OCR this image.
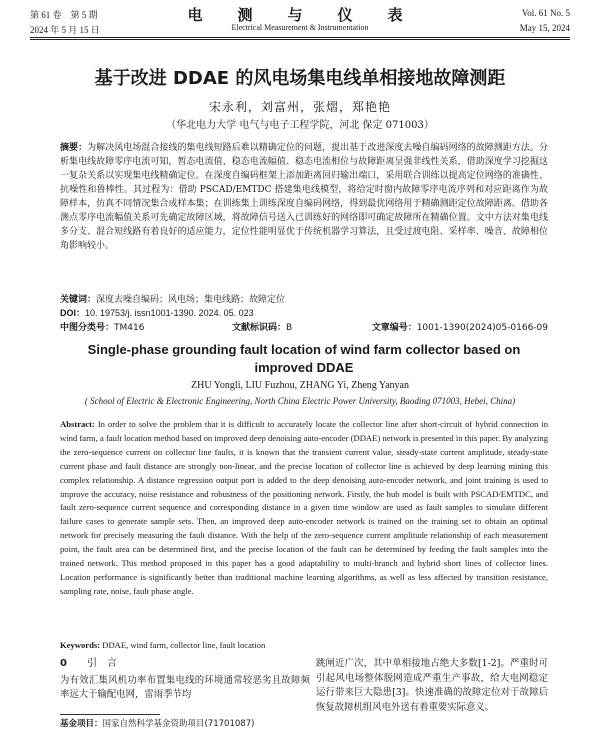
第 61 卷　第 5 期	电　测　与　仪　表	Vol. 61 No. 5
2024 年 5 月 15 日	Electrical Measurement & Instrumentation	May 15, 2024
基于改进 DDAE 的风电场集电线单相接地故障测距
宋永利，刘富州，张熠，郑艳艳
（华北电力大学 电气与电子工程学院，河北 保定 071003）
摘要：为解决风电场混合接线的集电线短路后难以精确定位的问题，提出基于改进深度去噪自编码网络的故障测距方法。分析集电线故障零序电流可知，暂态电流值、稳态电流幅值、稳态电流相位与故障距离呈强非线性关系，借助深度学习挖掘这一复杂关系以实现集电线精确定位。在深度自编码框架上添加距离回归输出端口，采用联合训练以提高定位网络的准确性、抗噪性和鲁棒性。其过程为：借助 PSCAD/EMTDC 搭建集电线模型，将给定时窗内故障零序电流序列和对应距离作为故障样本，仿真不同情况集合成样本集；在训练集上训练深度自编码网络，得到最优网络用于精确测距定位故障距离。借助各测点零序电流幅值关系可先确定故障区域，将故障信号送入已训练好的网络即可确定故障所在精确位置。文中方法对集电线多分支、混合短线路有着良好的适应能力，定位性能明显优于传统机器学习算法，且受过渡电阻、采样率、噪音、故障相位角影响较小。
关键词：深度去噪自编码；风电场；集电线路；故障定位
DOI：10. 19753/j. issn1001-1390. 2024. 05. 023
中图分类号：TM416	文献标识码：B	文章编号：1001-1390(2024)05-0166-09
Single-phase grounding fault location of wind farm collector based on improved DDAE
ZHU Yongli, LIU Fuzhou, ZHANG Yi, Zheng Yanyan
( School of Electric & Electronic Engineering, North China Electric Power University, Baoding 071003, Hebei, China)
Abstract: In order to solve the problem that it is difficult to accurately locate the collector line after short-circuit of hybrid connection in wind farm, a fault location method based on improved deep denoising auto-encoder (DDAE) network is presented in this paper. By analyzing the zero-sequence current on collector line faults, it is known that the transient current value, steady-state current amplitude, steady-state current phase and fault distance are strongly non-linear, and the precise location of collector line is achieved by deep learning mining this complex relationship. A distance regression output port is added to the deep denoising auto-encoder network, and joint training is used to improve the accuracy, noise resistance and robustness of the positioning network. Firstly, the hub model is built with PSCAD/EMTDC, and fault zero-sequence current sequence and corresponding distance in a given time window are used as fault samples to simulate different failure cases to generate sample sets. Then, an improved deep auto-encoder network is trained on the training set to obtain an optimal network for precisely measuring the fault distance. With the help of the zero-sequence current amplitude relationship of each measurement point, the fault area can be determined first, and the precise location of the fault can be determined by feeding the fault samples into the trained network. This method proposed in this paper has a good adaptability to multi-branch and hybrid short lines of collector lines. Location performance is significantly better than traditional machine learning algorithms, as well as less affected by transition resistance, sampling rate, noise, fault phase angle.
Keywords: DDAE, wind farm, collector line, fault location
0 引　言
为有效汇集风机功率布置集电线的环境通常较恶劣且故障频率远大于输配电网，雷雨季节均
跳闸近广次，其中单相接地占绝大多数[1-2]。严重时可引起风电场整体脱网造成严重生产事故，给大电网稳定运行带来巨大隐患[3]。快速准确的故障定位对于故障后恢复故障机组风电外送有着重要实际意义。
基金项目：国家自然科学基金资助项目(71701087)
